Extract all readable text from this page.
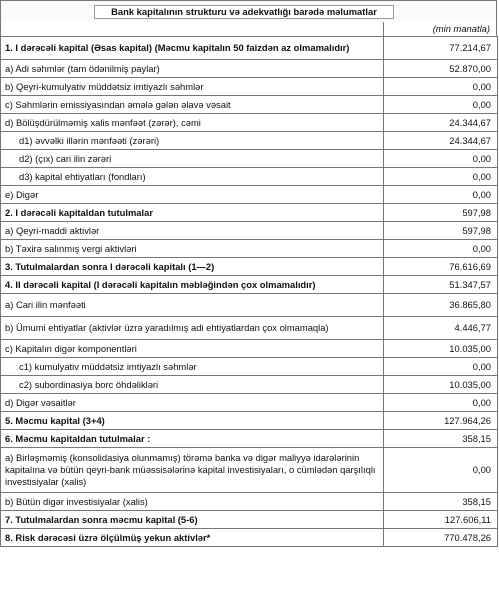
Bank kapitalının strukturu və adekvatlığı barədə məlumatlar
(min manatla)
1. I dərəcəli kapital (Əsas kapital) (Məcmu kapitalın 50 faizdən az olmamalıdır)	77.214,67
a) Adi səhmlər (tam ödənilmiş paylar)	52.870,00
b) Qeyri-kumulyativ müddətsiz imtiyazlı səhmlər	0,00
c) Səhmlərin emissiyasından əmələ gələn əlavə vəsait	0,00
d) Bölüşdürülməmiş xalis mənfəət (zərər), cəmi	24.344,67
d1) əvvəlki illərin mənfəəti (zərəri)	24.344,67
d2) (çıx) cari ilin zərəri	0,00
d3) kapital ehtiyatları (fondları)	0,00
e) Digər	0,00
2. I dərəcəli kapitaldan tutulmalar	597,98
a) Qeyri-maddi aktivlər	597,98
b) Təxirə salınmış vergi aktivləri	0,00
3. Tutulmalardan sonra I dərəcəli kapitalı (1—2)	76.616,69
4. II dərəcəli kapital (I dərəcəli kapitalın məbləğindən çox olmamalıdır)	51.347,57
a) Cari ilin mənfəəti	36.865,80
b) Ümumi ehtiyatlar (aktivlər üzrə yaradılmış adi ehtiyatlardan çox olmamaqla)	4.446,77
c) Kapitalın digər komponentləri	10.035,00
c1) kumulyativ müddətsiz imtiyazlı səhmlər	0,00
c2) subordinasiya borc öhdəlikləri	10.035,00
d) Digər vəsaitlər	0,00
5. Məcmu kapital (3+4)	127.964,26
6. Məcmu kapitaldan tutulmalar :	358,15
a) Birləşməmiş (konsolidasiya olunmamış) törəmə banka və digər maliyyə idarələrinin kapitalına və bütün qeyri-bank müəssisələrinə kapital investisiyaları, o cümlədən qarşılıqlı investisiyalar (xalis)	0,00
b) Bütün digər investisiyalar (xalis)	358,15
7. Tutulmalardan sonra məcmu kapital (5-6)	127.606,11
8. Risk dərəcəsi üzrə ölçülmüş yekun aktivlər*	770.478,26
